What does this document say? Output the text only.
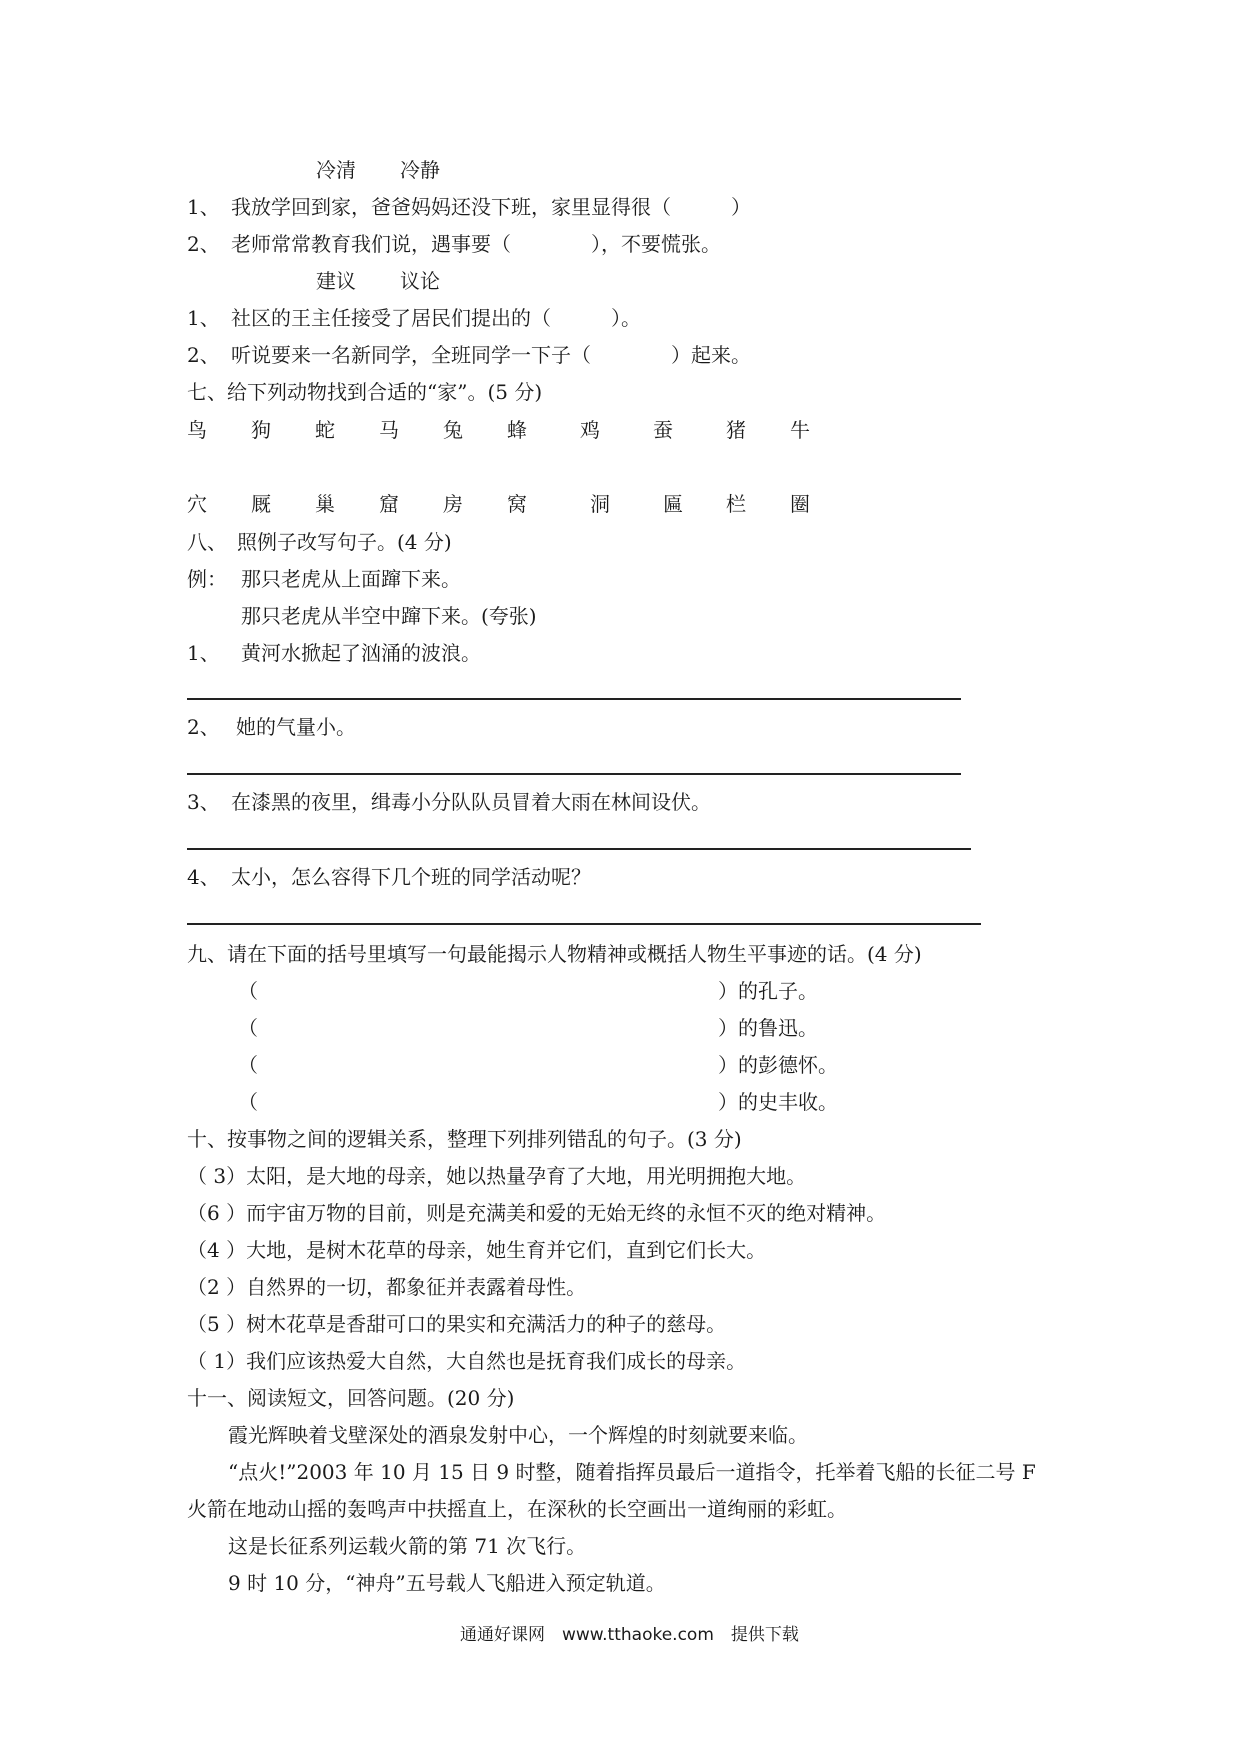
冷清 冷静
1、 我放学回到家，爸爸妈妈还没下班，家里显得很（　　　）
2、 老师常常教育我们说，遇事要（　　　　），不要慌张。
建议 议论
1、 社区的王主任接受了居民们提出的（　　　）。
2、 听说要来一名新同学，全班同学一下子（　　　　）起来。
七、给下列动物找到合适的“家”。(5 分)
鸟 狗 蛇 马 兔 蜂	鸡	蚕	猪 牛
穴 厩 巢 窟 房 窝	洞	匾 栏 圈
八、　照例子改写句子。(4 分)
例： 那只老虎从上面蹿下来。
那只老虎从半空中蹿下来。(夸张)
1、 黄河水掀起了汹涌的波浪。
2、 她的气量小。
3、 在漆黑的夜里，缉毒小分队队员冒着大雨在林间设伏。
4、 太小，怎么容得下几个班的同学活动呢？
九、请在下面的括号里填写一句最能揭示人物精神或概括人物生平事迹的话。(4 分)
（	）的孔子。
（	）的鲁迅。
（	）的彭德怀。
（	）的史丰收。
十、按事物之间的逻辑关系，整理下列排列错乱的句子。(3 分)
（ 3）太阳，是大地的母亲，她以热量孕育了大地，用光明拥抱大地。
（6 ）而宇宙万物的目前，则是充满美和爱的无始无终的永恒不灭的绝对精神。
（4 ）大地，是树木花草的母亲，她生育并它们，直到它们长大。
（2 ）自然界的一切，都象征并表露着母性。
（5 ）树木花草是香甜可口的果实和充满活力的种子的慈母。
（ 1）我们应该热爱大自然，大自然也是抚育我们成长的母亲。
十一、阅读短文，回答问题。(20 分)
霞光辉映着戈壁深处的酒泉发射中心，一个辉煌的时刻就要来临。
“点火!”2003 年 10 月 15 日 9 时整，随着指挥员最后一道指令，托举着飞船的长征二号 F
火箭在地动山摇的轰鸣声中扶摇直上，在深秋的长空画出一道绚丽的彩虹。
这是长征系列运载火箭的第 71 次飞行。
9 时 10 分，“神舟”五号载人飞船进入预定轨道。
通通好课网　www.tthaoke.com　提供下载
